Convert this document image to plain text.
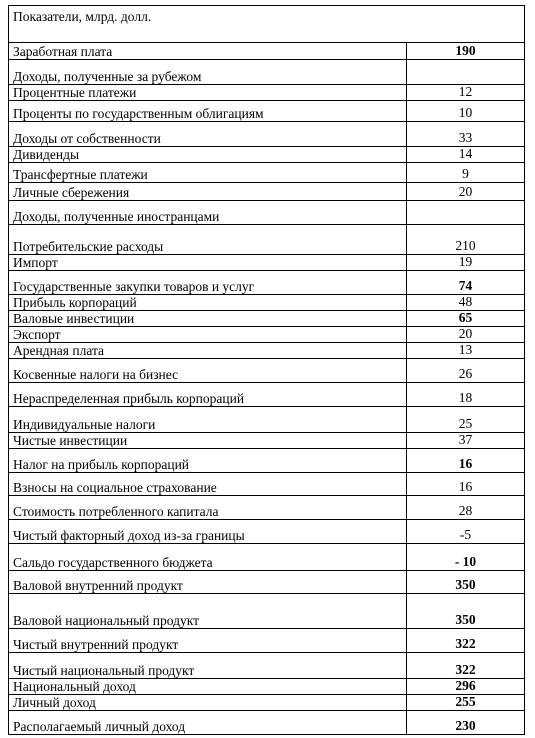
Показатели, млрд. долл.	
Заработная плата	190
Доходы, полученные за рубежом	
Процентные платежи	12
Проценты по государственным облигациям	10
Доходы от собственности	33
Дивиденды	14
Трансфертные платежи	9
Личные сбережения	20
Доходы, полученные иностранцами	
Потребительские расходы	210
Импорт	19
Государственные закупки товаров и услуг	74
Прибыль корпораций	48
Валовые инвестиции	65
Экспорт	20
Арендная плата	13
Косвенные налоги на бизнес	26
Нераспределенная прибыль корпораций	18
Индивидуальные налоги	25
Чистые инвестиции	37
Налог на прибыль корпораций	16
Взносы на социальное страхование	16
Стоимость потребленного капитала	28
Чистый факторный доход из-за границы	-5
Сальдо государственного бюджета	- 10
Валовой внутренний продукт	350
Валовой национальный продукт	350
Чистый внутренний продукт	322
Чистый национальный продукт	322
Национальный доход	296
Личный доход	255
Располагаемый личный доход	230
